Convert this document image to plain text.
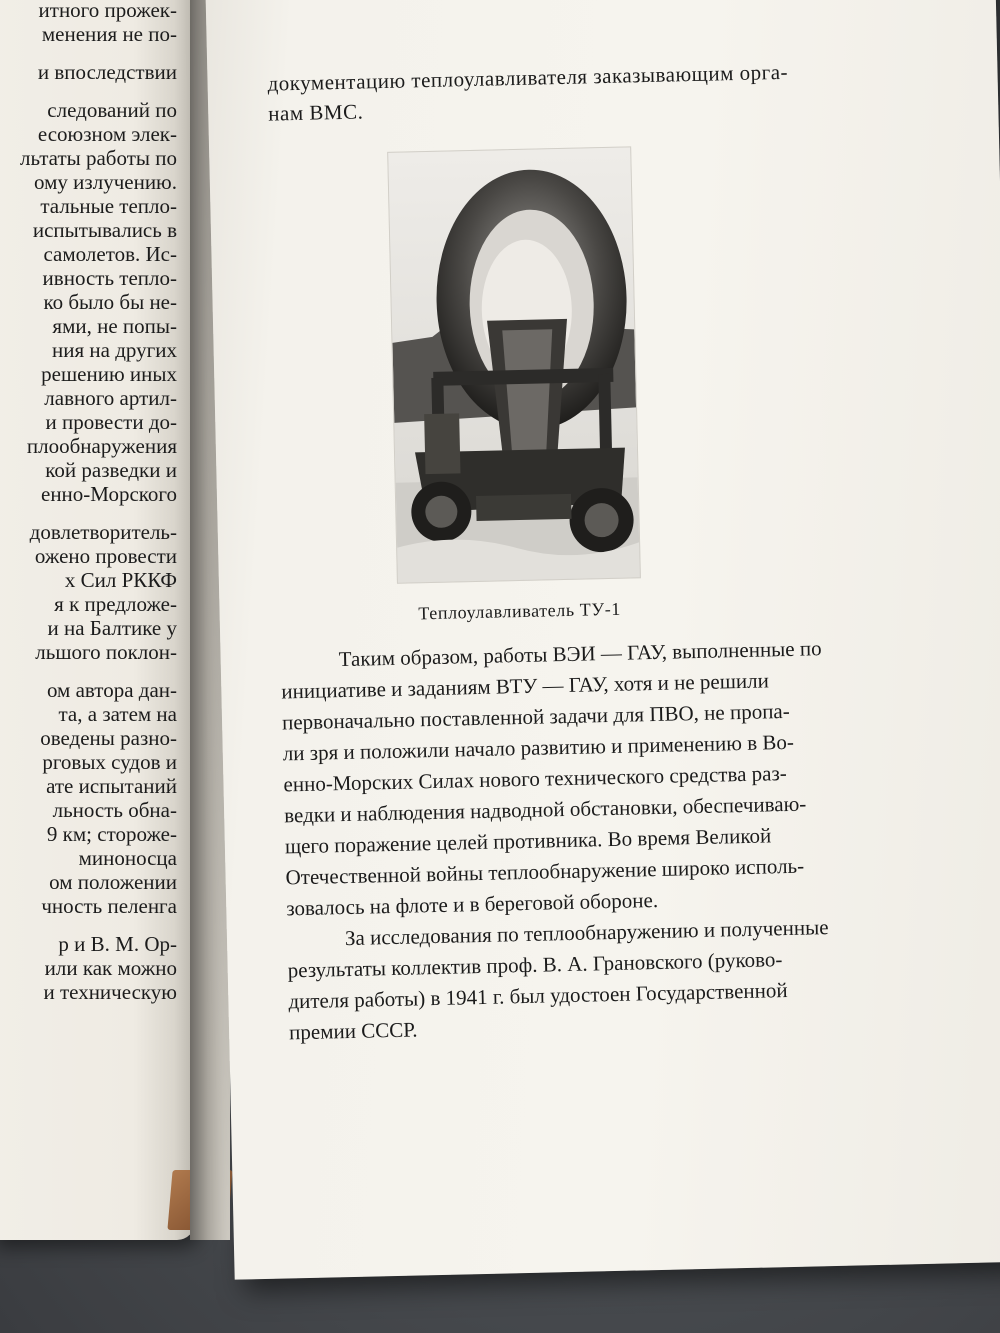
итного прожек-
менения не по-
и впоследствии
следований по
есоюзном элек-
льтаты работы по
ому излучению.
тальные тепло-
испытывались в
самолетов. Ис-
ивность тепло-
ко было бы не-
ями, не попы-
ния на других
решению иных
лавного артил-
и провести до-
плообнаружения
кой разведки и
енно-Морского
довлетворитель-
ожено провести
х Сил РККФ
я к предложе-
и на Балтике у
льшого поклон-
ом автора дан-
та, а затем на
оведены разно-
рговых судов и
ате испытаний
льность обна-
9 км; стороже-
миноносца
ом положении
чность пеленга
р и В. М. Ор-
или как можно
и техническую
документацию теплоулавливателя заказывающим орга-
нам ВМС.
Теплоулавливатель ТУ-1
Таким образом, работы ВЭИ — ГАУ, выполненные по
инициативе и заданиям ВТУ — ГАУ, хотя и не решили
первоначально поставленной задачи для ПВО, не пропа-
ли зря и положили начало развитию и применению в Во-
енно-Морских Силах нового технического средства раз-
ведки и наблюдения надводной обстановки, обеспечиваю-
щего поражение целей противника. Во время Великой
Отечественной войны теплообнаружение широко исполь-
зовалось на флоте и в береговой обороне.
За исследования по теплообнаружению и полученные
результаты коллектив проф. В. А. Грановского (руково-
дителя работы) в 1941 г. был удостоен Государственной
премии СССР.
